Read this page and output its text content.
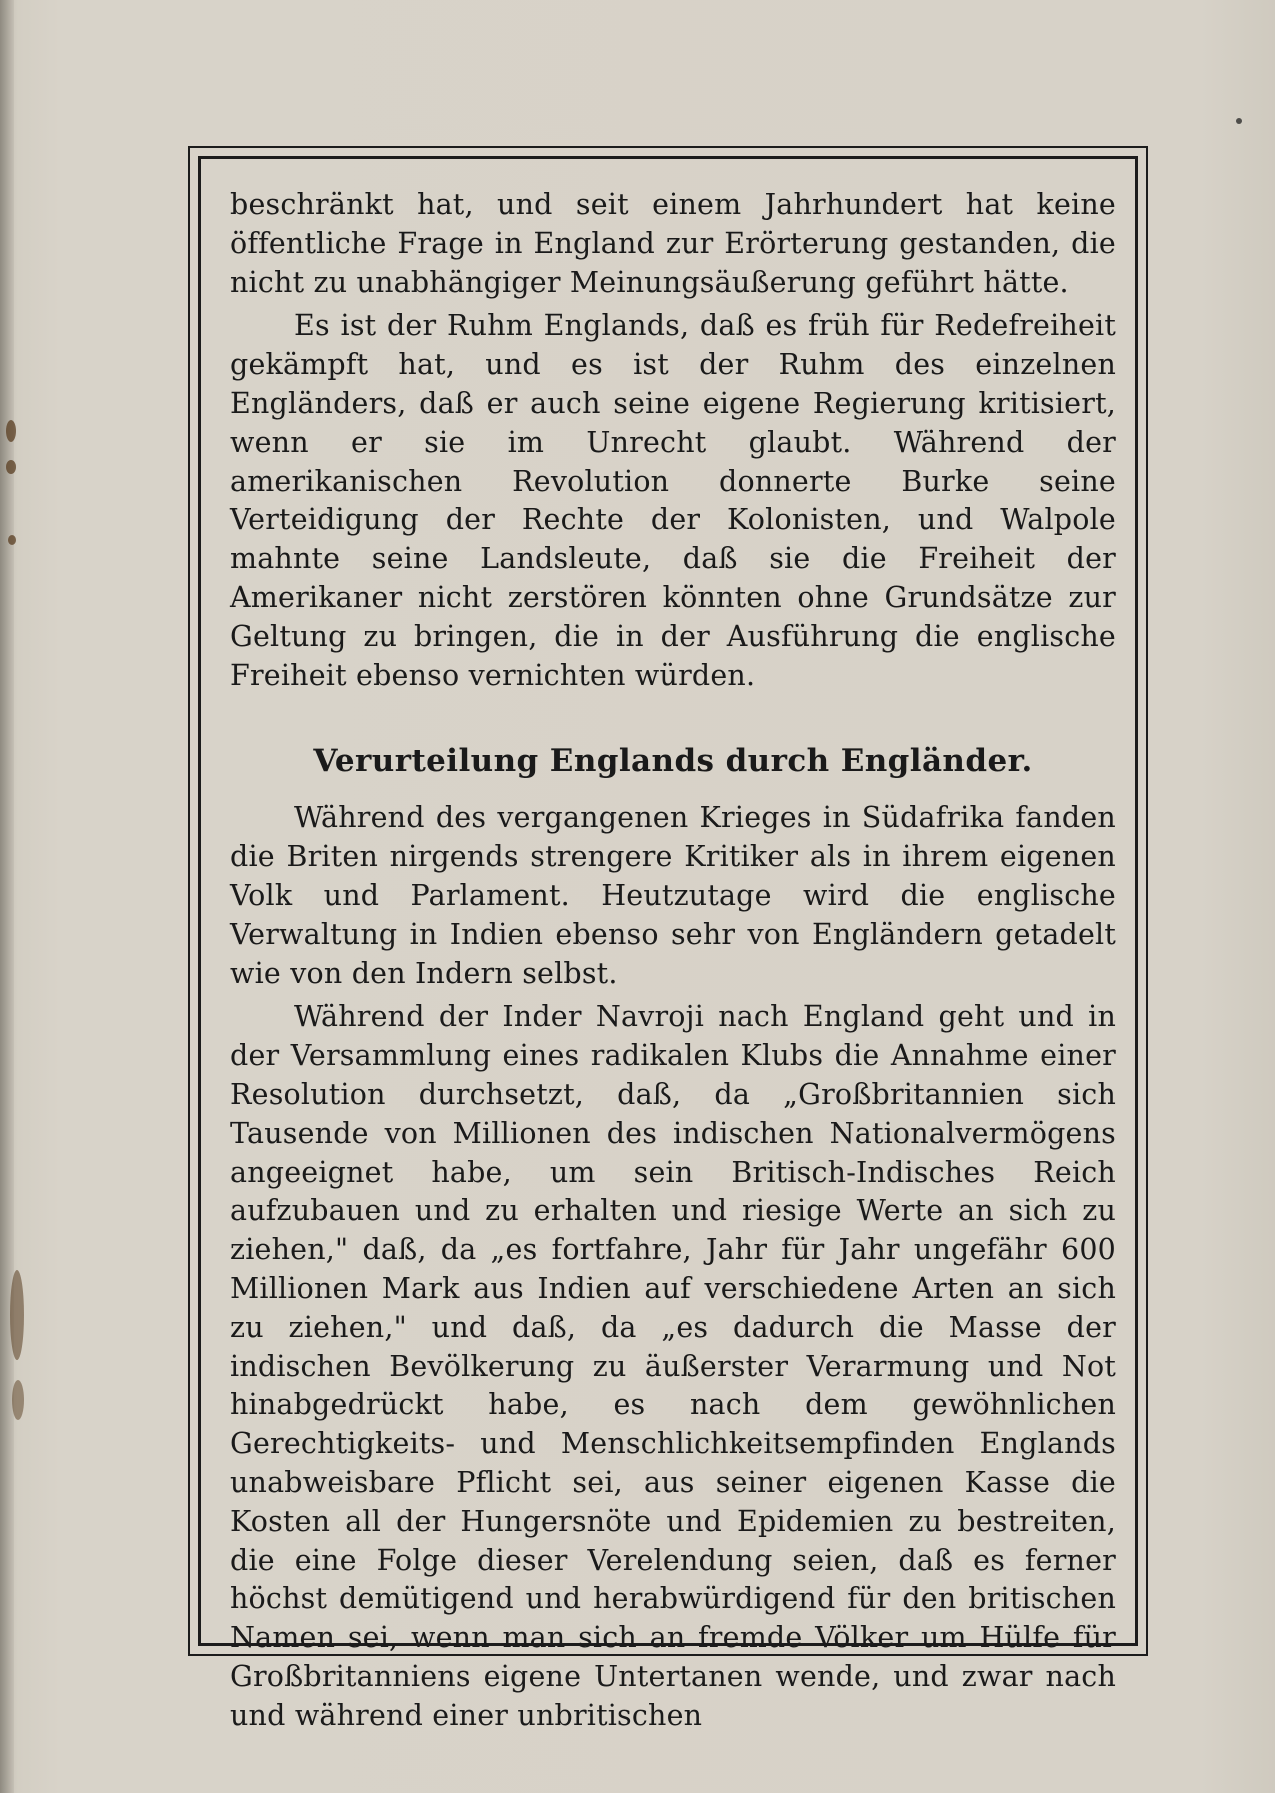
beschränkt hat, und seit einem Jahrhundert hat keine öffentliche Frage in England zur Erörterung gestanden, die nicht zu unabhängiger Meinungsäußerung geführt hätte.

Es ist der Ruhm Englands, daß es früh für Redefreiheit gekämpft hat, und es ist der Ruhm des einzelnen Engländers, daß er auch seine eigene Regierung kritisiert, wenn er sie im Unrecht glaubt. Während der amerikanischen Revolution donnerte Burke seine Verteidigung der Rechte der Kolonisten, und Walpole mahnte seine Landsleute, daß sie die Freiheit der Amerikaner nicht zerstören könnten ohne Grundsätze zur Geltung zu bringen, die in der Ausführung die englische Freiheit ebenso vernichten würden.

Verurteilung Englands durch Engländer.

Während des vergangenen Krieges in Südafrika fanden die Briten nirgends strengere Kritiker als in ihrem eigenen Volk und Parlament. Heutzutage wird die englische Verwaltung in Indien ebenso sehr von Engländern getadelt wie von den Indern selbst.

Während der Inder Navroji nach England geht und in der Versammlung eines radikalen Klubs die Annahme einer Resolution durchsetzt, daß, da „Großbritannien sich Tausende von Millionen des indischen Nationalvermögens angeeignet habe, um sein Britisch-Indisches Reich aufzubauen und zu erhalten und riesige Werte an sich zu ziehen," daß, da „es fortfahre, Jahr für Jahr ungefähr 600 Millionen Mark aus Indien auf verschiedene Arten an sich zu ziehen," und daß, da „es dadurch die Masse der indischen Bevölkerung zu äußerster Verarmung und Not hinabgedrückt habe, es nach dem gewöhnlichen Gerechtigkeits- und Menschlichkeitsempfinden Englands unabweisbare Pflicht sei, aus seiner eigenen Kasse die Kosten all der Hungersnöte und Epidemien zu bestreiten, die eine Folge dieser Verelendung seien, daß es ferner höchst demütigend und herabwürdigend für den britischen Namen sei, wenn man sich an fremde Völker um Hülfe für Großbritanniens eigene Untertanen wende, und zwar nach und während einer unbritischen
